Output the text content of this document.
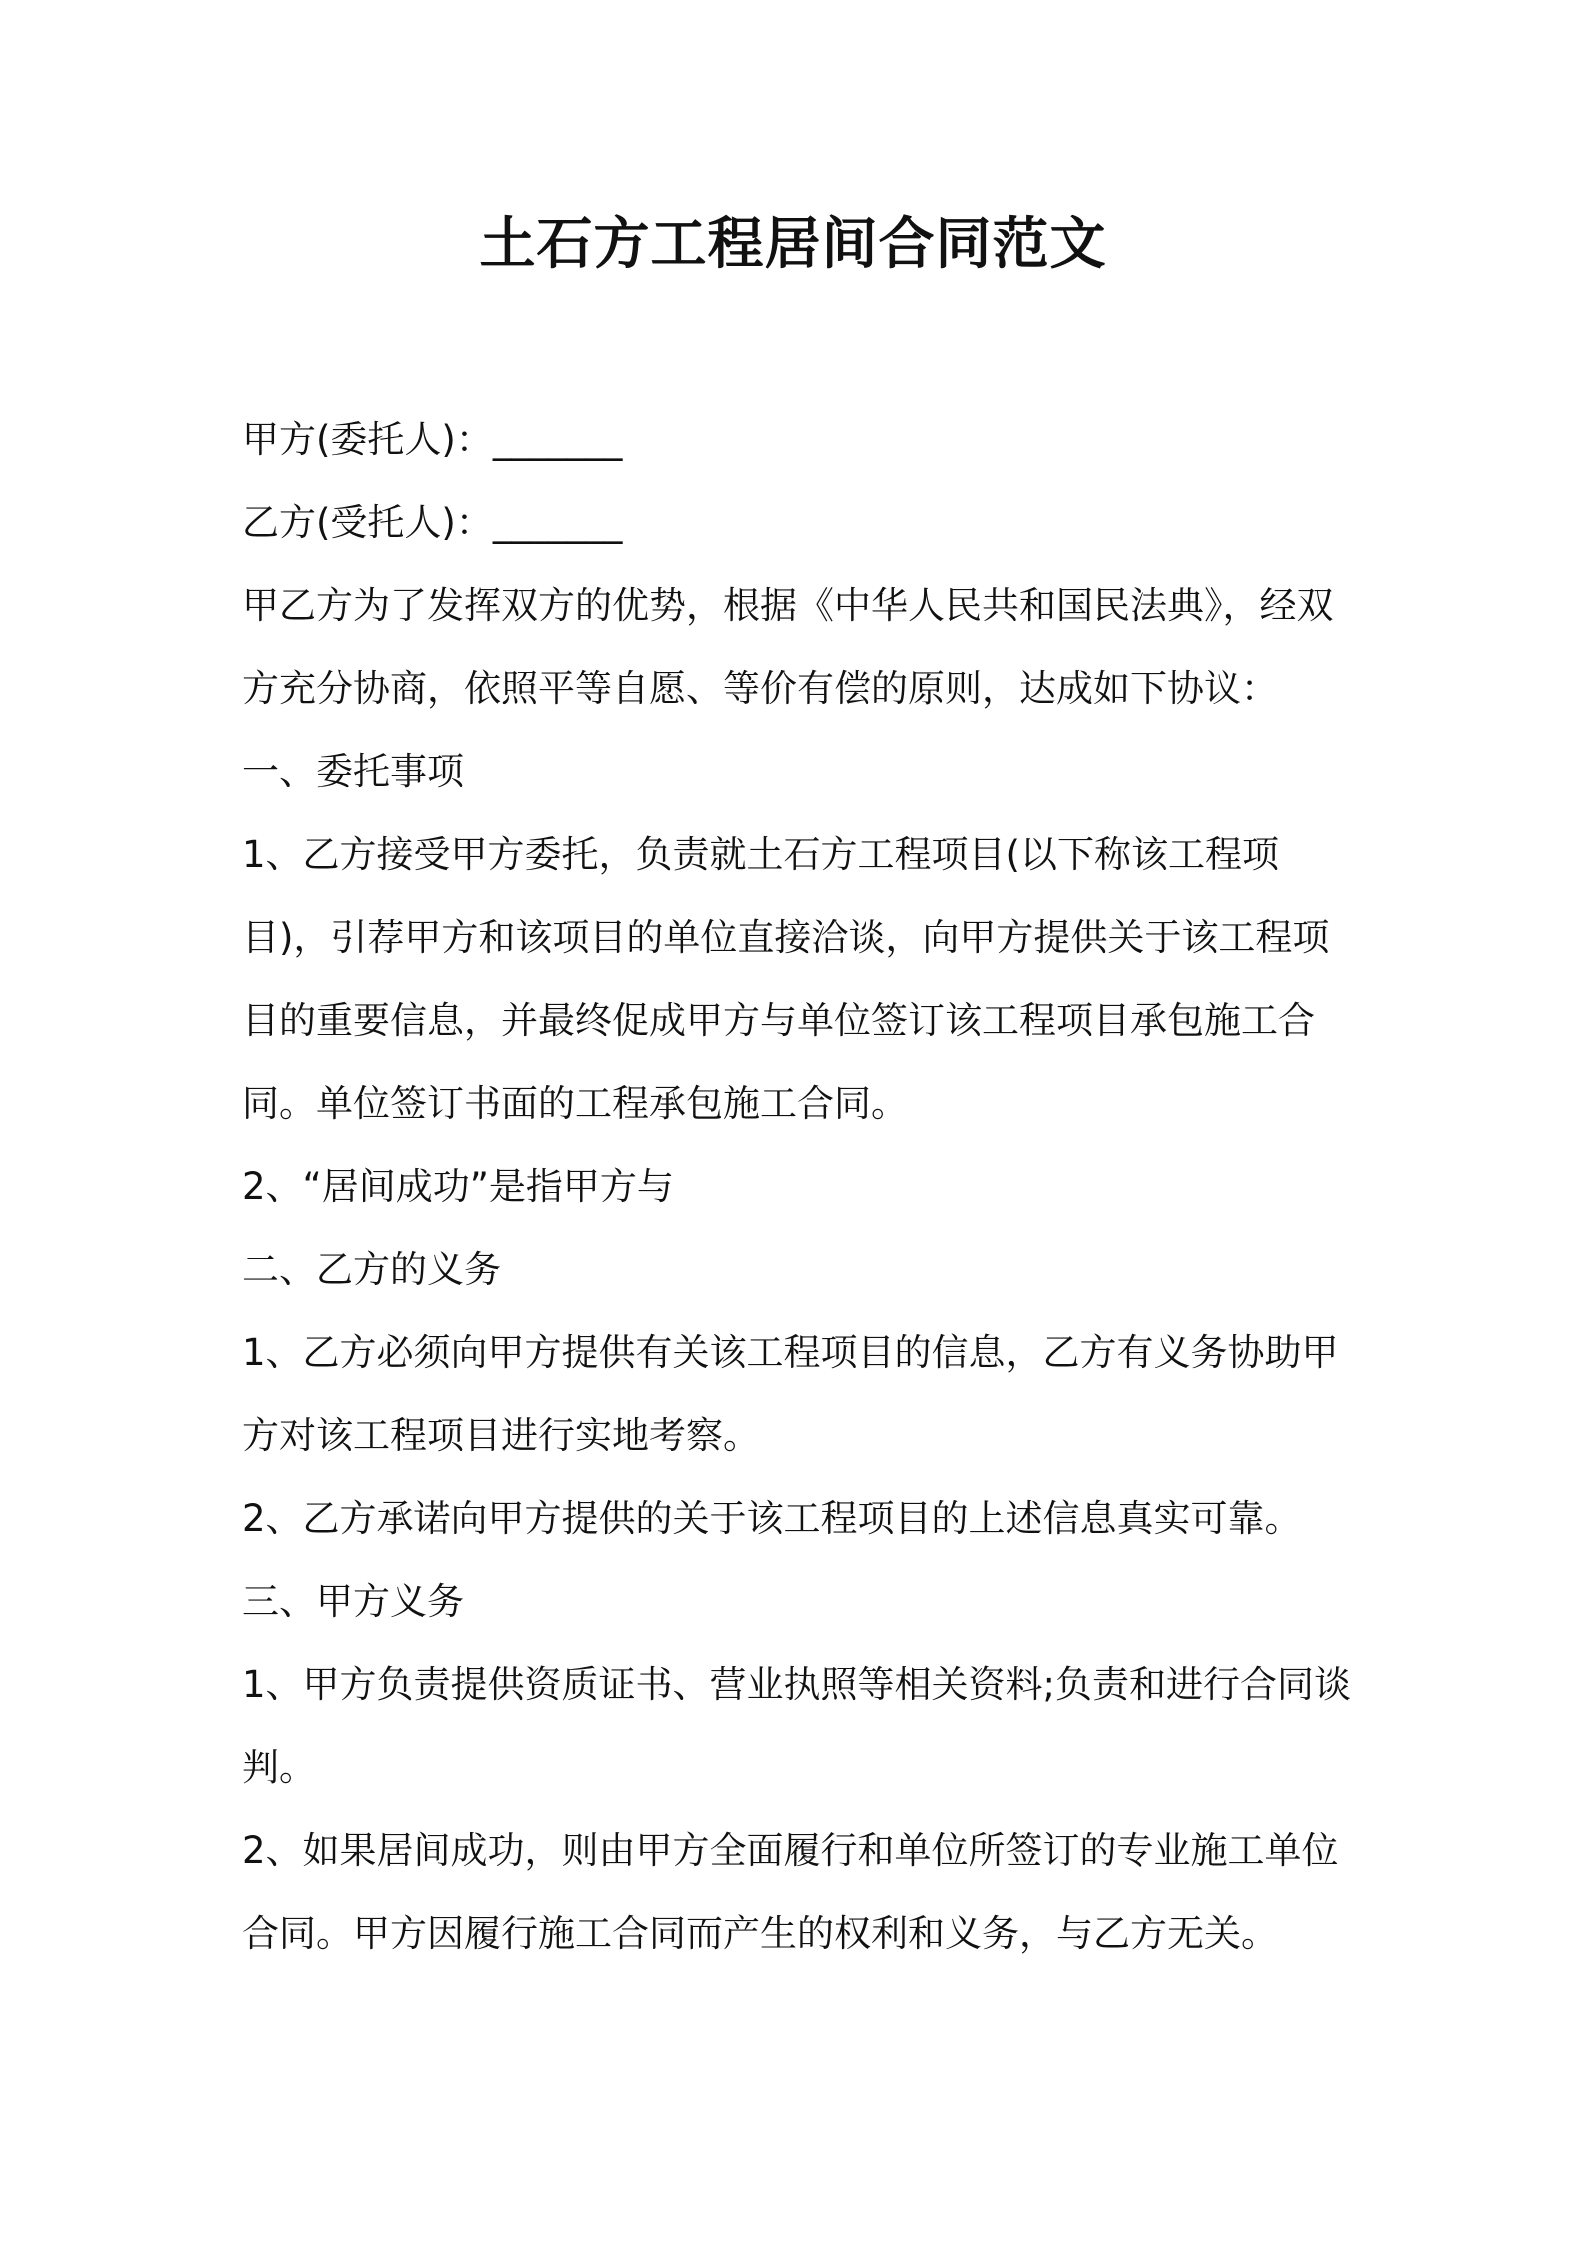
土石方工程居间合同范文

甲方(委托人)：_______

乙方(受托人)：_______

甲乙方为了发挥双方的优势，根据《中华人民共和国民法典》，经双方充分协商，依照平等自愿、等价有偿的原则，达成如下协议：

一、委托事项

1、乙方接受甲方委托，负责就土石方工程项目(以下称该工程项目)，引荐甲方和该项目的单位直接洽谈，向甲方提供关于该工程项目的重要信息，并最终促成甲方与单位签订该工程项目承包施工合同。单位签订书面的工程承包施工合同。

2、“居间成功”是指甲方与

二、乙方的义务

1、乙方必须向甲方提供有关该工程项目的信息，乙方有义务协助甲方对该工程项目进行实地考察。

2、乙方承诺向甲方提供的关于该工程项目的上述信息真实可靠。

三、甲方义务

1、甲方负责提供资质证书、营业执照等相关资料;负责和进行合同谈判。

2、如果居间成功，则由甲方全面履行和单位所签订的专业施工单位合同。甲方因履行施工合同而产生的权利和义务，与乙方无关。
